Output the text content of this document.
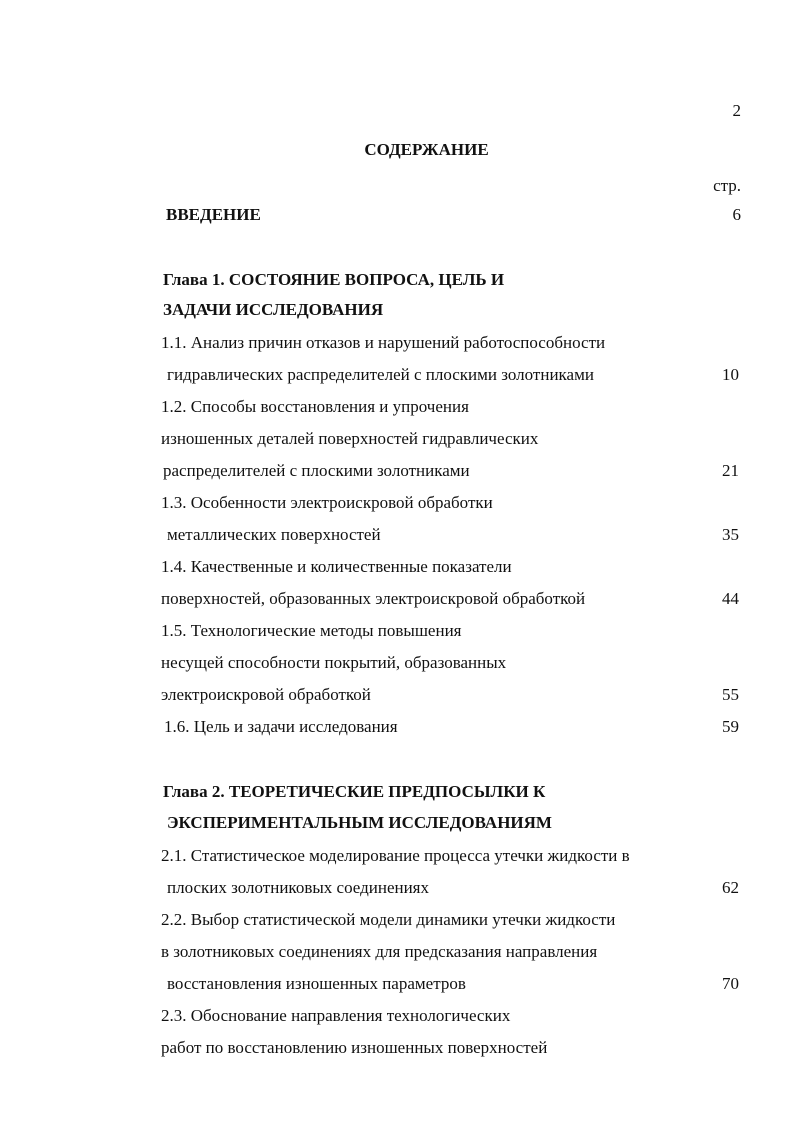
2
СОДЕРЖАНИЕ
стр.
ВВЕДЕНИЕ	6
Глава 1. СОСТОЯНИЕ ВОПРОСА, ЦЕЛЬ И
ЗАДАЧИ ИССЛЕДОВАНИЯ
1.1. Анализ причин отказов и нарушений работоспособности
гидравлических распределителей с плоскими золотниками	10
1.2. Способы восстановления и упрочения
изношенных деталей поверхностей гидравлических
распределителей с плоскими золотниками	21
1.3. Особенности электроискровой обработки
металлических поверхностей	35
1.4. Качественные и количественные показатели
поверхностей, образованных электроискровой обработкой	44
1.5. Технологические методы повышения
несущей способности покрытий, образованных
электроискровой обработкой	55
1.6. Цель и задачи исследования	59
Глава 2. ТЕОРЕТИЧЕСКИЕ ПРЕДПОСЫЛКИ К
ЭКСПЕРИМЕНТАЛЬНЫМ ИССЛЕДОВАНИЯМ
2.1. Статистическое моделирование процесса утечки жидкости в
плоских золотниковых соединениях	62
2.2. Выбор статистической модели динамики утечки жидкости
в золотниковых соединениях для предсказания направления
восстановления изношенных параметров	70
2.3. Обоснование направления технологических
работ по восстановлению изношенных поверхностей
